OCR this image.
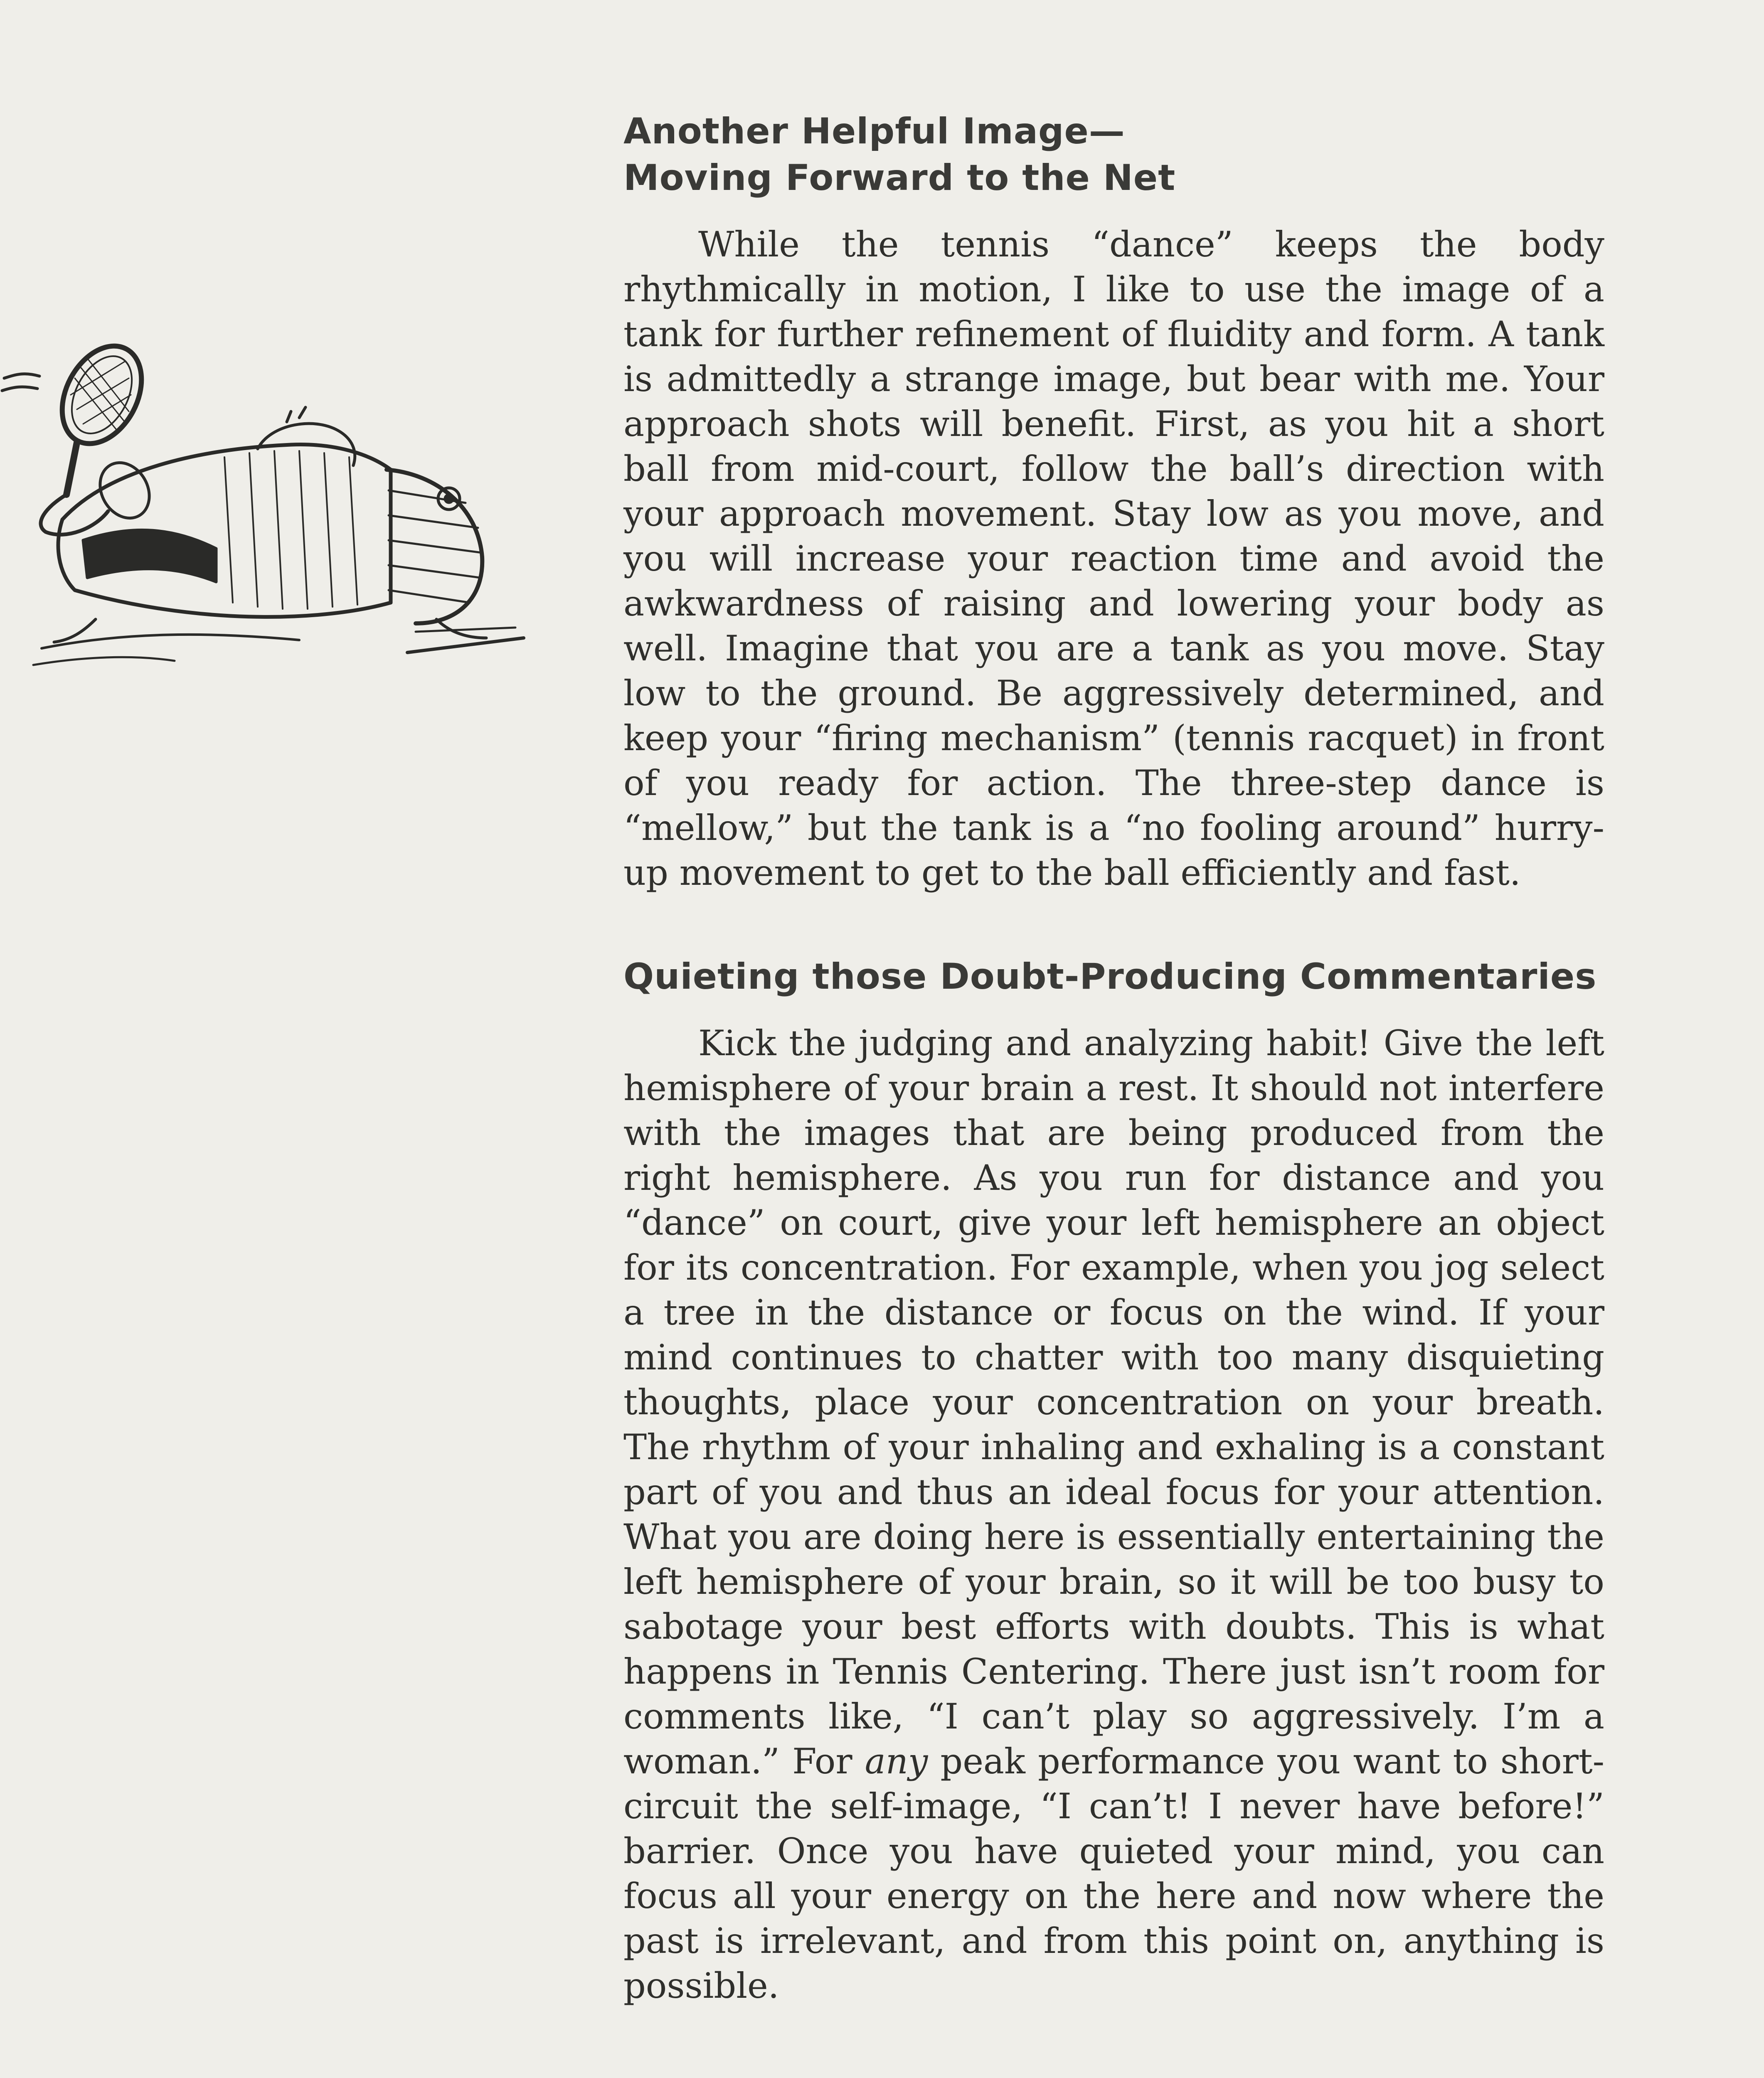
Another Helpful Image—
Moving Forward to the Net

While the tennis “dance” keeps the body rhythmically in motion, I like to use the image of a tank for further refinement of fluidity and form. A tank is admittedly a strange image, but bear with me. Your approach shots will benefit. First, as you hit a short ball from mid-court, follow the ball’s direction with your approach movement. Stay low as you move, and you will increase your reaction time and avoid the awkwardness of raising and lowering your body as well. Imagine that you are a tank as you move. Stay low to the ground. Be aggressively determined, and keep your “firing mechanism” (tennis racquet) in front of you ready for action. The three-step dance is “mellow,” but the tank is a “no fooling around” hurry-up movement to get to the ball efficiently and fast.

Quieting those Doubt-Producing Commentaries

Kick the judging and analyzing habit! Give the left hemisphere of your brain a rest. It should not interfere with the images that are being produced from the right hemisphere. As you run for distance and you “dance” on court, give your left hemisphere an object for its concentration. For example, when you jog select a tree in the distance or focus on the wind. If your mind continues to chatter with too many disquieting thoughts, place your concentration on your breath. The rhythm of your inhaling and exhaling is a constant part of you and thus an ideal focus for your attention. What you are doing here is essentially entertaining the left hemisphere of your brain, so it will be too busy to sabotage your best efforts with doubts. This is what happens in Tennis Centering. There just isn’t room for comments like, “I can’t play so aggressively. I’m a woman.” For any peak performance you want to short-circuit the self-image, “I can’t! I never have before!” barrier. Once you have quieted your mind, you can focus all your energy on the here and now where the past is irrelevant, and from this point on, anything is possible.
